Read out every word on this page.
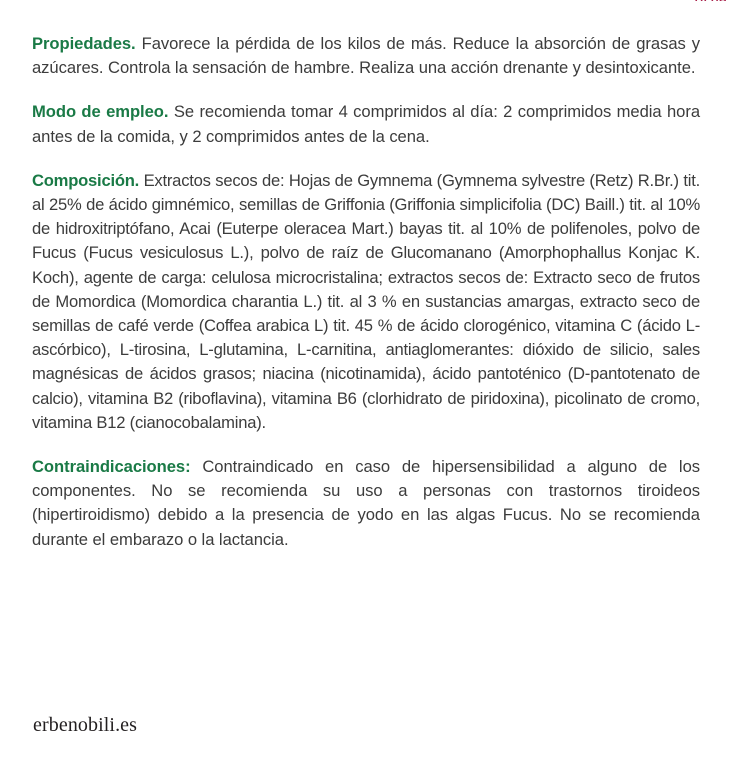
Propiedades. Favorece la pérdida de los kilos de más. Reduce la absorción de grasas y azúcares. Controla la sensación de hambre. Realiza una acción drenante y desintoxicante.

Modo de empleo. Se recomienda tomar 4 comprimidos al día: 2 comprimidos media hora antes de la comida, y 2 comprimidos antes de la cena.

Composición. Extractos secos de: Hojas de Gymnema (Gymnema sylvestre (Retz) R.Br.) tit. al 25% de ácido gimnémico, semillas de Griffonia (Griffonia simplicifolia (DC) Baill.) tit. al 10% de hidroxitriptófano, Acai (Euterpe oleracea Mart.) bayas tit. al 10% de polifenoles, polvo de Fucus (Fucus vesiculosus L.), polvo de raíz de Glucomanano (Amorphophallus Konjac K. Koch), agente de carga: celulosa microcristalina; extractos secos de: Extracto seco de frutos de Momordica (Momordica charantia L.) tit. al 3 % en sustancias amargas, extracto seco de semillas de café verde (Coffea arabica L) tit. 45 % de ácido clorogénico, vitamina C (ácido L-ascórbico), L-tirosina, L-glutamina, L-carnitina, antiaglomerantes: dióxido de silicio, sales magnésicas de ácidos grasos; niacina (nicotinamida), ácido pantoténico (D-pantotenato de calcio), vitamina B2 (riboflavina), vitamina B6 (clorhidrato de piridoxina), picolinato de cromo, vitamina B12 (cianocobalamina).

Contraindicaciones: Contraindicado en caso de hipersensibilidad a alguno de los componentes. No se recomienda su uso a personas con trastornos tiroideos (hipertiroidismo) debido a la presencia de yodo en las algas Fucus. No se recomienda durante el embarazo o la lactancia.

erbenobili.es
